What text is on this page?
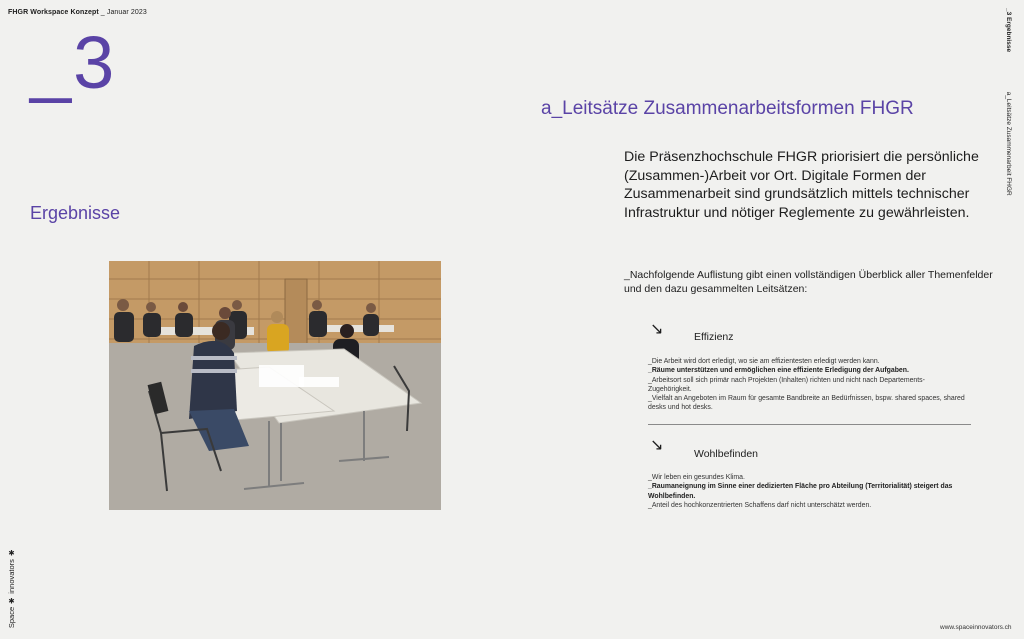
FHGR Workspace Konzept _ Januar 2023
_3
Ergebnisse
a_Leitsätze Zusammenarbeitsformen FHGR
Die Präsenzhochschule FHGR priorisiert die persönliche (Zusammen-)Arbeit vor Ort. Digitale Formen der Zusammenarbeit sind grundsätzlich mittels technischer Infrastruktur und nötiger Reglemente zu gewährleisten.
_Nachfolgende Auflistung gibt einen vollständigen Überblick aller Themenfelder und den dazu gesammelten Leitsätzen:
↘	Effizienz
_Die Arbeit wird dort erledigt, wo sie am effizientesten erledigt werden kann.
_Räume unterstützen und ermöglichen eine effiziente Erledigung der Aufgaben.
_Arbeitsort soll sich primär nach Projekten (Inhalten) richten und nicht nach Departements-Zugehörigkeit.
_Vielfalt an Angeboten im Raum für gesamte Bandbreite an Bedürfnissen, bspw. shared spaces, shared desks und hot desks.
↘	Wohlbefinden
_Wir leben ein gesundes Klima.
_Raumaneignung im Sinne einer dedizierten Fläche pro Abteilung (Territorialität) steigert das Wohlbefinden.
_Anteil des hochkonzentrierten Schaffens darf nicht unterschätzt werden.
_3 Ergebnisse  a_Leitsätze Zusammenarbeit FHGR
Space ✱ innovators ✱	www.spaceinnovators.ch
